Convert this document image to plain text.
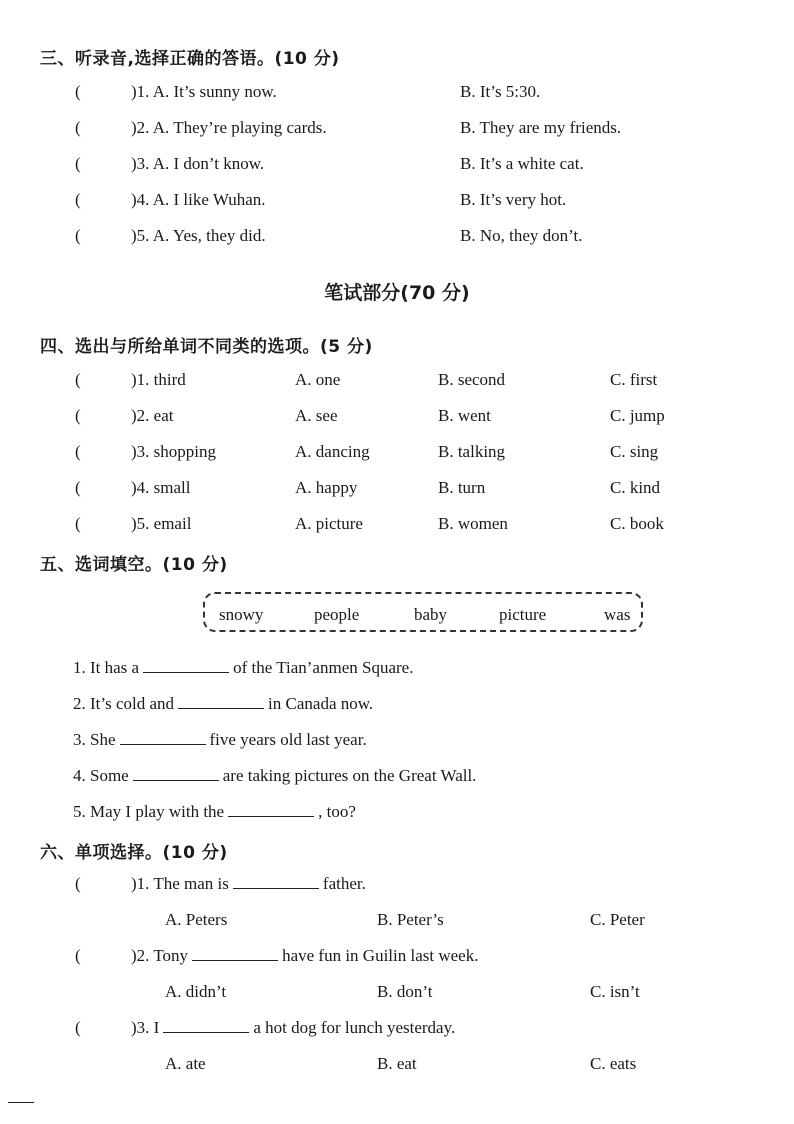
三、听录音,选择正确的答语。(10 分)
(	)1. A. It’s sunny now.	B. It’s 5:30.
(	)2. A. They’re playing cards.	B. They are my friends.
(	)3. A. I don’t know.	B. It’s a white cat.
(	)4. A. I like Wuhan.	B. It’s very hot.
(	)5. A. Yes, they did.	B. No, they don’t.
笔试部分(70 分)
四、选出与所给单词不同类的选项。(5 分)
(	)1. third	A. one	B. second	C. first
(	)2. eat	A. see	B. went	C. jump
(	)3. shopping	A. dancing	B. talking	C. sing
(	)4. small	A. happy	B. turn	C. kind
(	)5. email	A. picture	B. women	C. book
五、选词填空。(10 分)
snowy	people	baby	picture	was
1. It has a	of the Tian’anmen Square.
2. It’s cold and	in Canada now.
3. She	five years old last year.
4. Some	are taking pictures on the Great Wall.
5. May I play with the	, too?
六、单项选择。(10 分)
(	)1. The man is	father.
A. Peters	B. Peter’s	C. Peter
(	)2. Tony	have fun in Guilin last week.
A. didn’t	B. don’t	C. isn’t
(	)3. I	a hot dog for lunch yesterday.
A. ate	B. eat	C. eats
